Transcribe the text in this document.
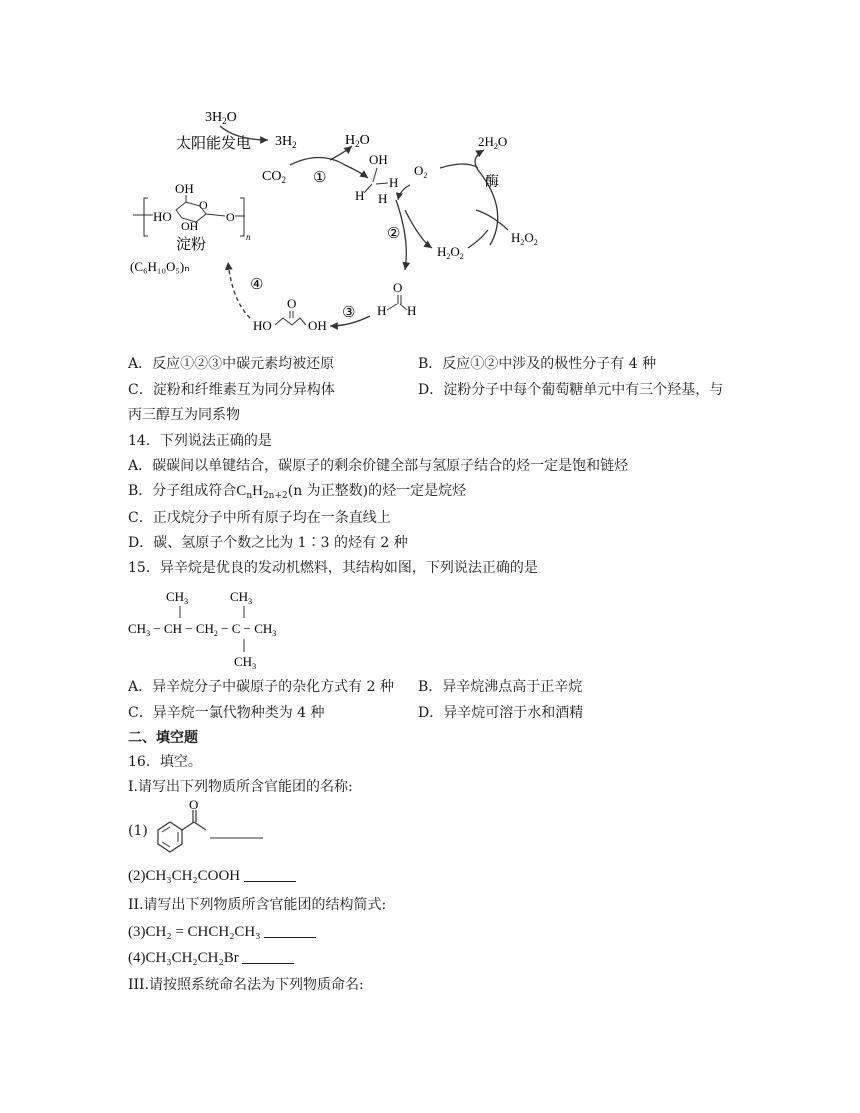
$3H_2O$
太阳能发电 $3H_2$
$CO_2$
$H_2O$
①
OH
H
H H
②
$O_2$
$2H_2O$
酶
$H_2O_2$
$H_2O_2$
O
H H
③
HO
O
OH
④
OH
HO
OH
O
O
n
淀粉
(C₆H₁₀O₅)ₙ
A．反应①②③中碳元素均被还原	B．反应①②中涉及的极性分子有 4 种
C．淀粉和纤维素互为同分异构体	D．淀粉分子中每个葡萄糖单元中有三个羟基，与
丙三醇互为同系物
14．下列说法正确的是
A．碳碳间以单键结合，碳原子的剩余价键全部与氢原子结合的烃一定是饱和链烃
B．分子组成符合$C_nH_{2n+2}(n$ 为正整数)的烃一定是烷烃
C．正戊烷分子中所有原子均在一条直线上
D．碳、氢原子个数之比为 1∶3 的烃有 2 种
15．异辛烷是优良的发动机燃料，其结构如图，下列说法正确的是
$CH_3$	$CH_3$
$CH_3$ − CH − $CH_2 - C - CH_3$
$CH_3$
A．异辛烷分子中碳原子的杂化方式有 2 种 B．异辛烷沸点高于正辛烷
C．异辛烷一氯代物种类为 4 种	D．异辛烷可溶于水和酒精
二、填空题
16．填空。
I.请写出下列物质所含官能团的名称:
(1)
O
(2)CH₃CH₂COOH
II.请写出下列物质所含官能团的结构简式:
(3)CH₂ = CHCH₂CH₃
(4)CH₃CH₂CH₂Br
III.请按照系统命名法为下列物质命名:
